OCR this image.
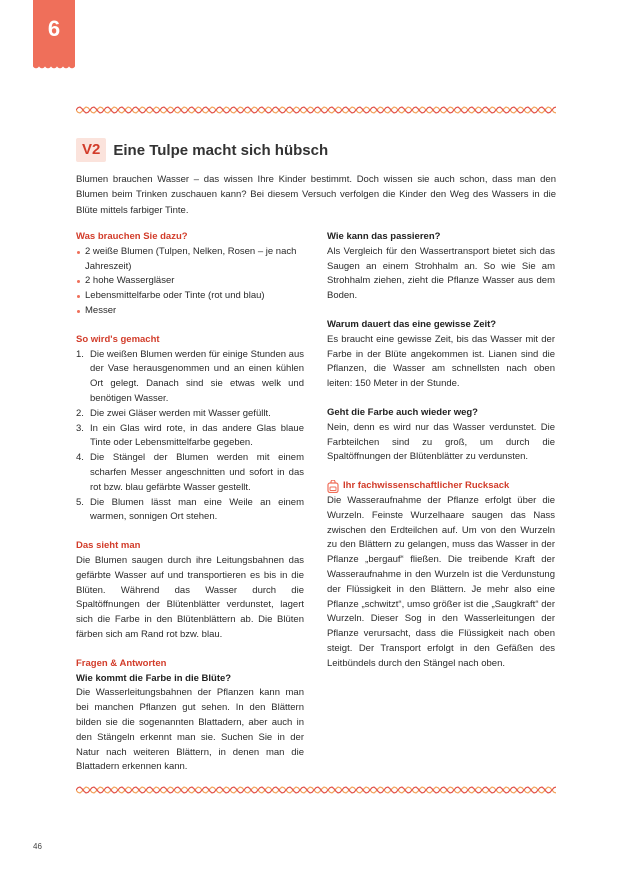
6
V2 Eine Tulpe macht sich hübsch

Blumen brauchen Wasser – das wissen Ihre Kinder bestimmt. Doch wissen sie auch schon, dass man den Blumen beim Trinken zuschauen kann? Bei diesem Versuch verfolgen die Kinder den Weg des Wassers in die Blüte mittels farbiger Tinte.

Was brauchen Sie dazu?
2 weiße Blumen (Tulpen, Nelken, Rosen – je nach Jahreszeit)
2 hohe Wassergläser
Lebensmittelfarbe oder Tinte (rot und blau)
Messer
So wird's gemacht
1. Die weißen Blumen werden für einige Stunden aus der Vase herausgenommen und an einen kühlen Ort gelegt. Danach sind sie etwas welk und benötigen Wasser.
2. Die zwei Gläser werden mit Wasser gefüllt.
3. In ein Glas wird rote, in das andere Glas blaue Tinte oder Lebensmittelfarbe gegeben.
4. Die Stängel der Blumen werden mit einem scharfen Messer angeschnitten und sofort in das rot bzw. blau gefärbte Wasser gestellt.
5. Die Blumen lässt man eine Weile an einem warmen, sonnigen Ort stehen.
Das sieht man

Die Blumen saugen durch ihre Leitungsbahnen das gefärbte Wasser auf und transportieren es bis in die Blüten. Während das Wasser durch die Spaltöffnungen der Blütenblätter verdunstet, lagert sich die Farbe in den Blütenblättern ab. Die Blüten färben sich am Rand rot bzw. blau.

Fragen & Antworten
Wie kommt die Farbe in die Blüte?

Die Wasserleitungsbahnen der Pflanzen kann man bei manchen Pflanzen gut sehen. In den Blättern bilden sie die sogenannten Blattadern, aber auch in den Stängeln erkennt man sie. Suchen Sie in der Natur nach weiteren Blättern, in denen man die Blattadern erkennen kann.

Wie kann das passieren?

Als Vergleich für den Wassertransport bietet sich das Saugen an einem Strohhalm an. So wie Sie am Strohhalm ziehen, zieht die Pflanze Wasser aus dem Boden.

Warum dauert das eine gewisse Zeit?

Es braucht eine gewisse Zeit, bis das Wasser mit der Farbe in der Blüte angekommen ist. Lianen sind die Pflanzen, die Wasser am schnellsten nach oben leiten: 150 Meter in der Stunde.

Geht die Farbe auch wieder weg?

Nein, denn es wird nur das Wasser verdunstet. Die Farbteilchen sind zu groß, um durch die Spaltöffnungen der Blütenblätter zu verdunsten.

Ihr fachwissenschaftlicher Rucksack

Die Wasseraufnahme der Pflanze erfolgt über die Wurzeln. Feinste Wurzelhaare saugen das Nass zwischen den Erdteilchen auf. Um von den Wurzeln zu den Blättern zu gelangen, muss das Wasser in der Pflanze „bergauf“ fließen. Die treibende Kraft der Wasseraufnahme in den Wurzeln ist die Verdunstung der Flüssigkeit in den Blättern. Je mehr also eine Pflanze „schwitzt“, umso größer ist die „Saugkraft“ der Wurzeln. Dieser Sog in den Wasserleitungen der Pflanze verursacht, dass die Flüssigkeit nach oben steigt. Der Transport erfolgt in den Gefäßen des Leitbündels durch den Stängel nach oben.

46
